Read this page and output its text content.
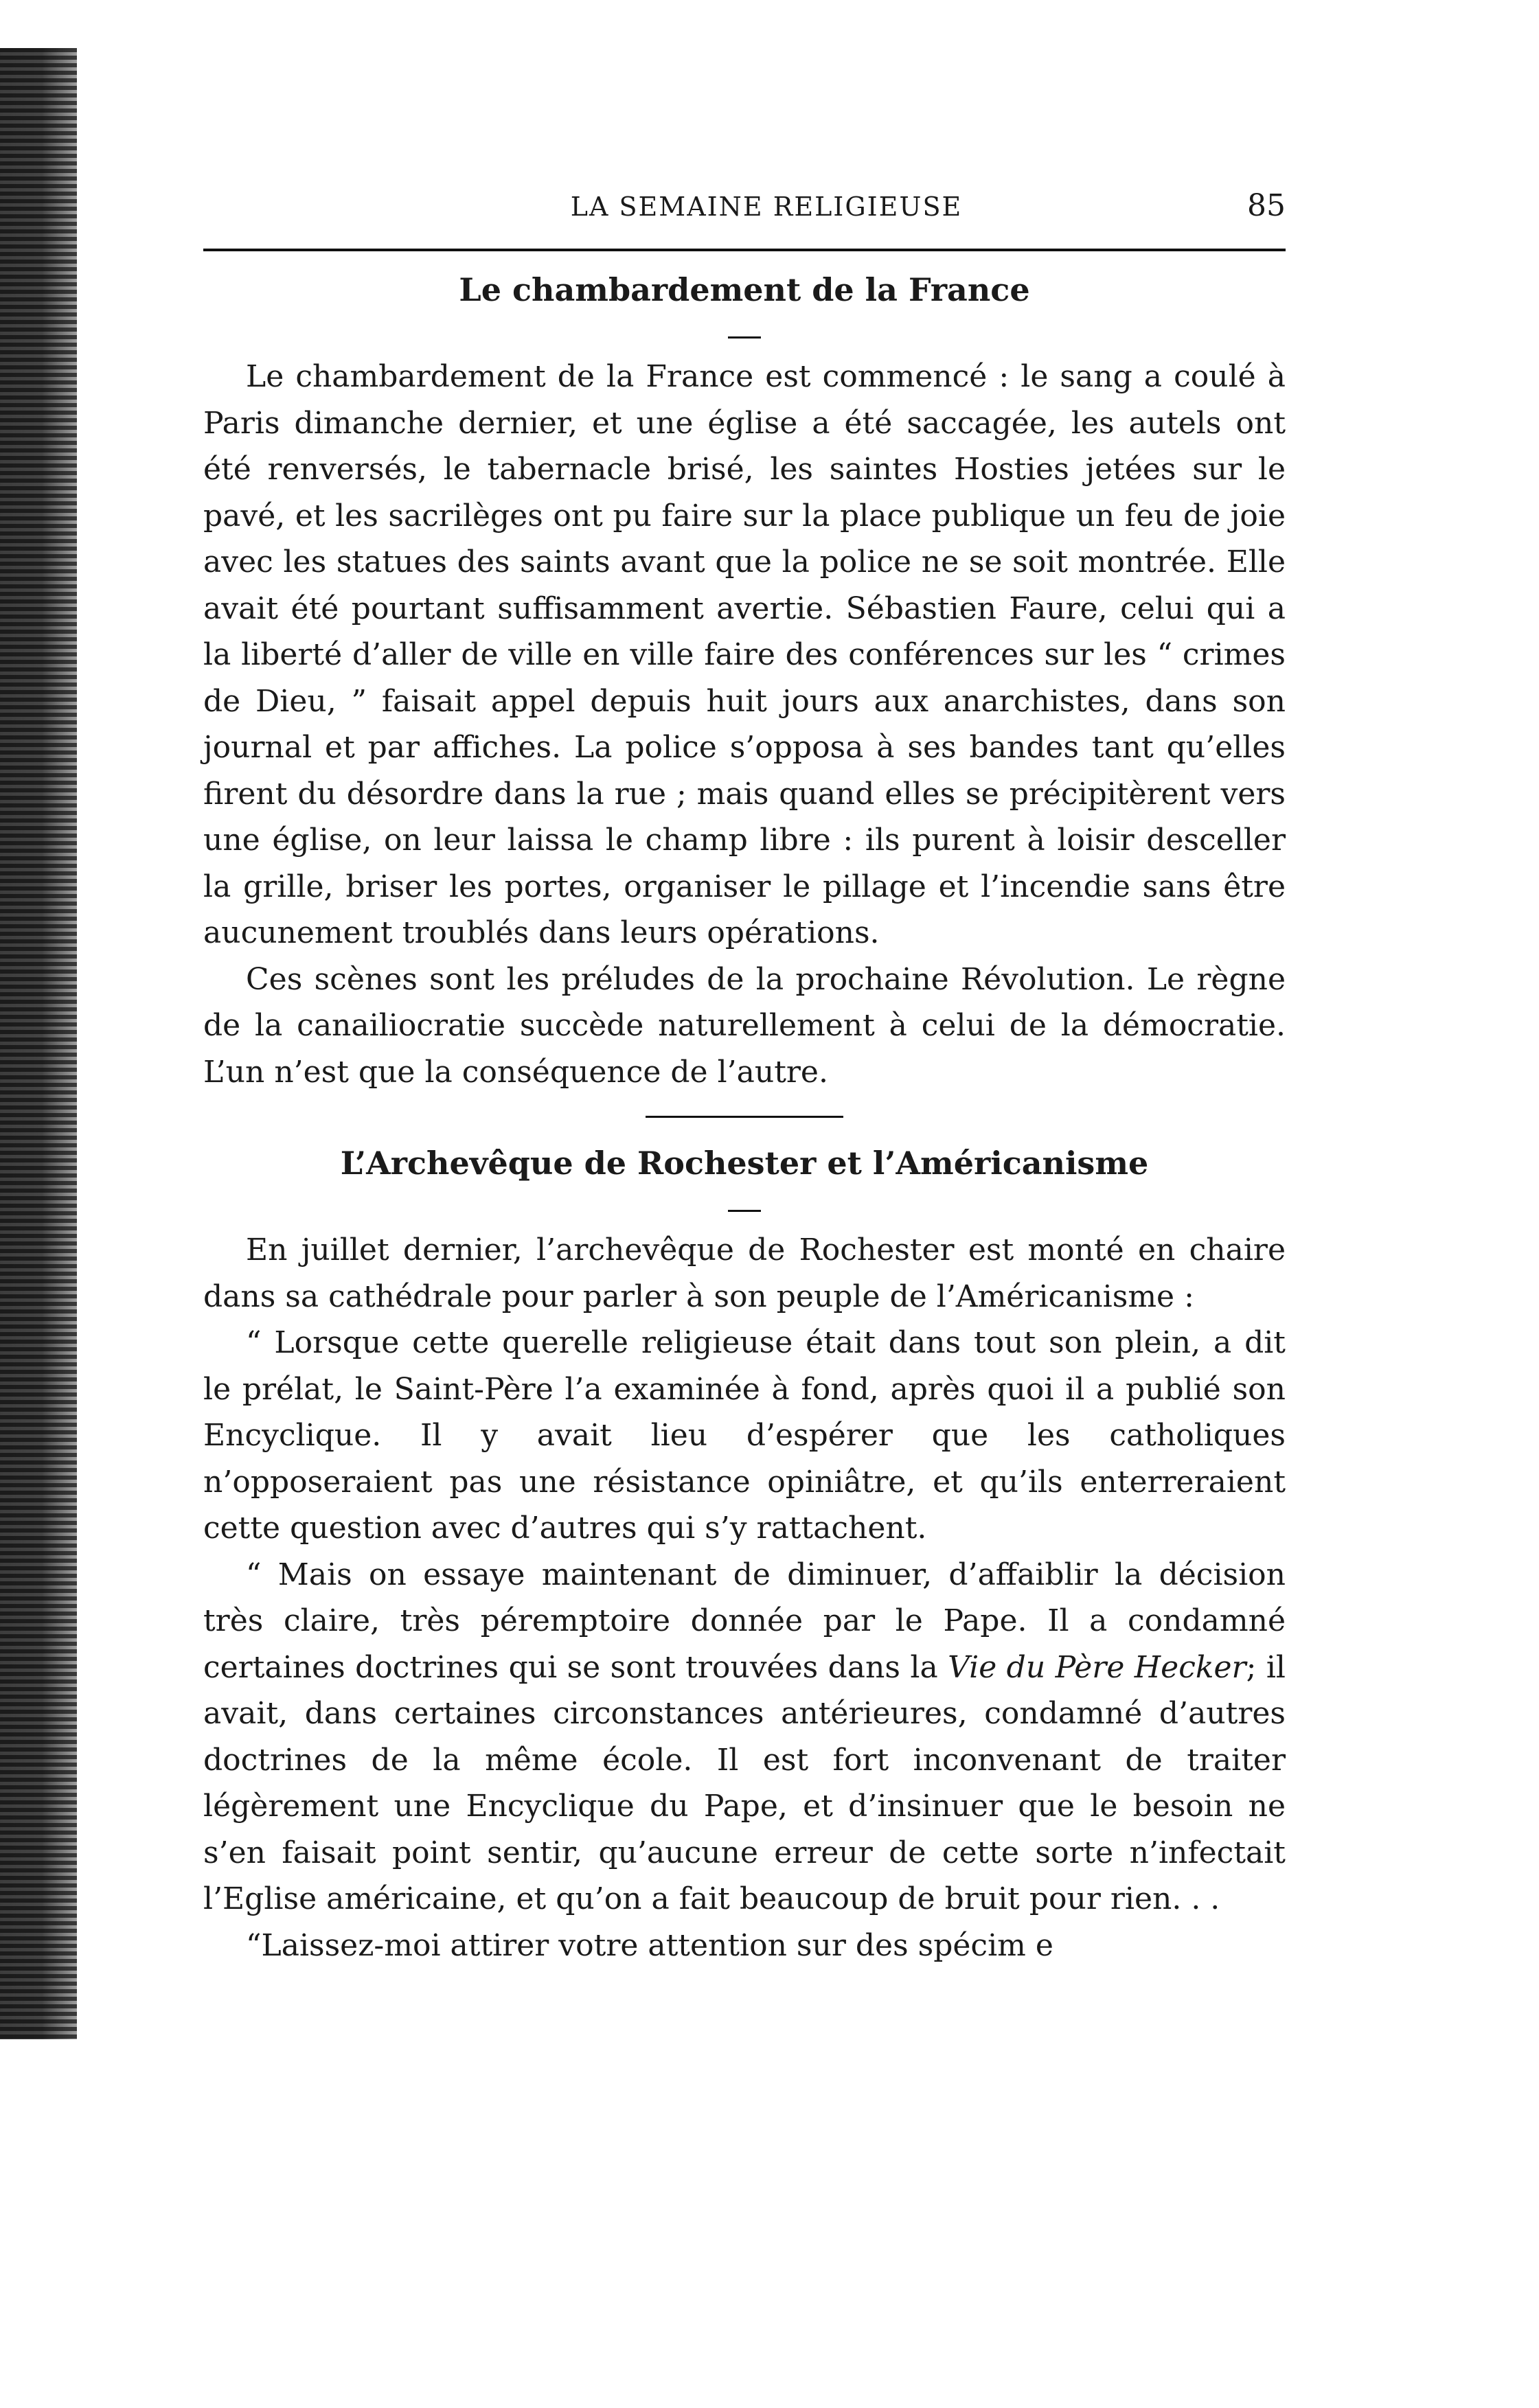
LA SEMAINE RELIGIEUSE	85
Le chambardement de la France

Le chambardement de la France est commencé : le sang a coulé à Paris dimanche dernier, et une église a été saccagée, les autels ont été renversés, le tabernacle brisé, les saintes Hosties jetées sur le pavé, et les sacrilèges ont pu faire sur la place publique un feu de joie avec les statues des saints avant que la police ne se soit montrée. Elle avait été pourtant suffisamment avertie. Sébastien Faure, celui qui a la liberté d’aller de ville en ville faire des conférences sur les “ crimes de Dieu, ” faisait appel depuis huit jours aux anarchistes, dans son journal et par affiches. La police s’opposa à ses bandes tant qu’elles firent du désordre dans la rue ; mais quand elles se précipitèrent vers une église, on leur laissa le champ libre : ils purent à loisir desceller la grille, briser les portes, organiser le pillage et l’incendie sans être aucunement troublés dans leurs opérations.

Ces scènes sont les préludes de la prochaine Révolution. Le règne de la canailiocratie succède naturellement à celui de la démocratie. L’un n’est que la conséquence de l’autre.

L’Archevêque de Rochester et l’Américanisme

En juillet dernier, l’archevêque de Rochester est monté en chaire dans sa cathédrale pour parler à son peuple de l’Américanisme :

“ Lorsque cette querelle religieuse était dans tout son plein, a dit le prélat, le Saint-Père l’a examinée à fond, après quoi il a publié son Encyclique. Il y avait lieu d’espérer que les catholiques n’opposeraient pas une résistance opiniâtre, et qu’ils enterreraient cette question avec d’autres qui s’y rattachent.

“ Mais on essaye maintenant de diminuer, d’affaiblir la décision très claire, très péremptoire donnée par le Pape. Il a condamné certaines doctrines qui se sont trouvées dans la Vie du Père Hecker; il avait, dans certaines circonstances antérieures, condamné d’autres doctrines de la même école. Il est fort inconvenant de traiter légèrement une Encyclique du Pape, et d’insinuer que le besoin ne s’en faisait point sentir, qu’aucune erreur de cette sorte n’infectait l’Eglise américaine, et qu’on a fait beaucoup de bruit pour rien. . .

“Laissez-moi attirer votre attention sur des spécim e
